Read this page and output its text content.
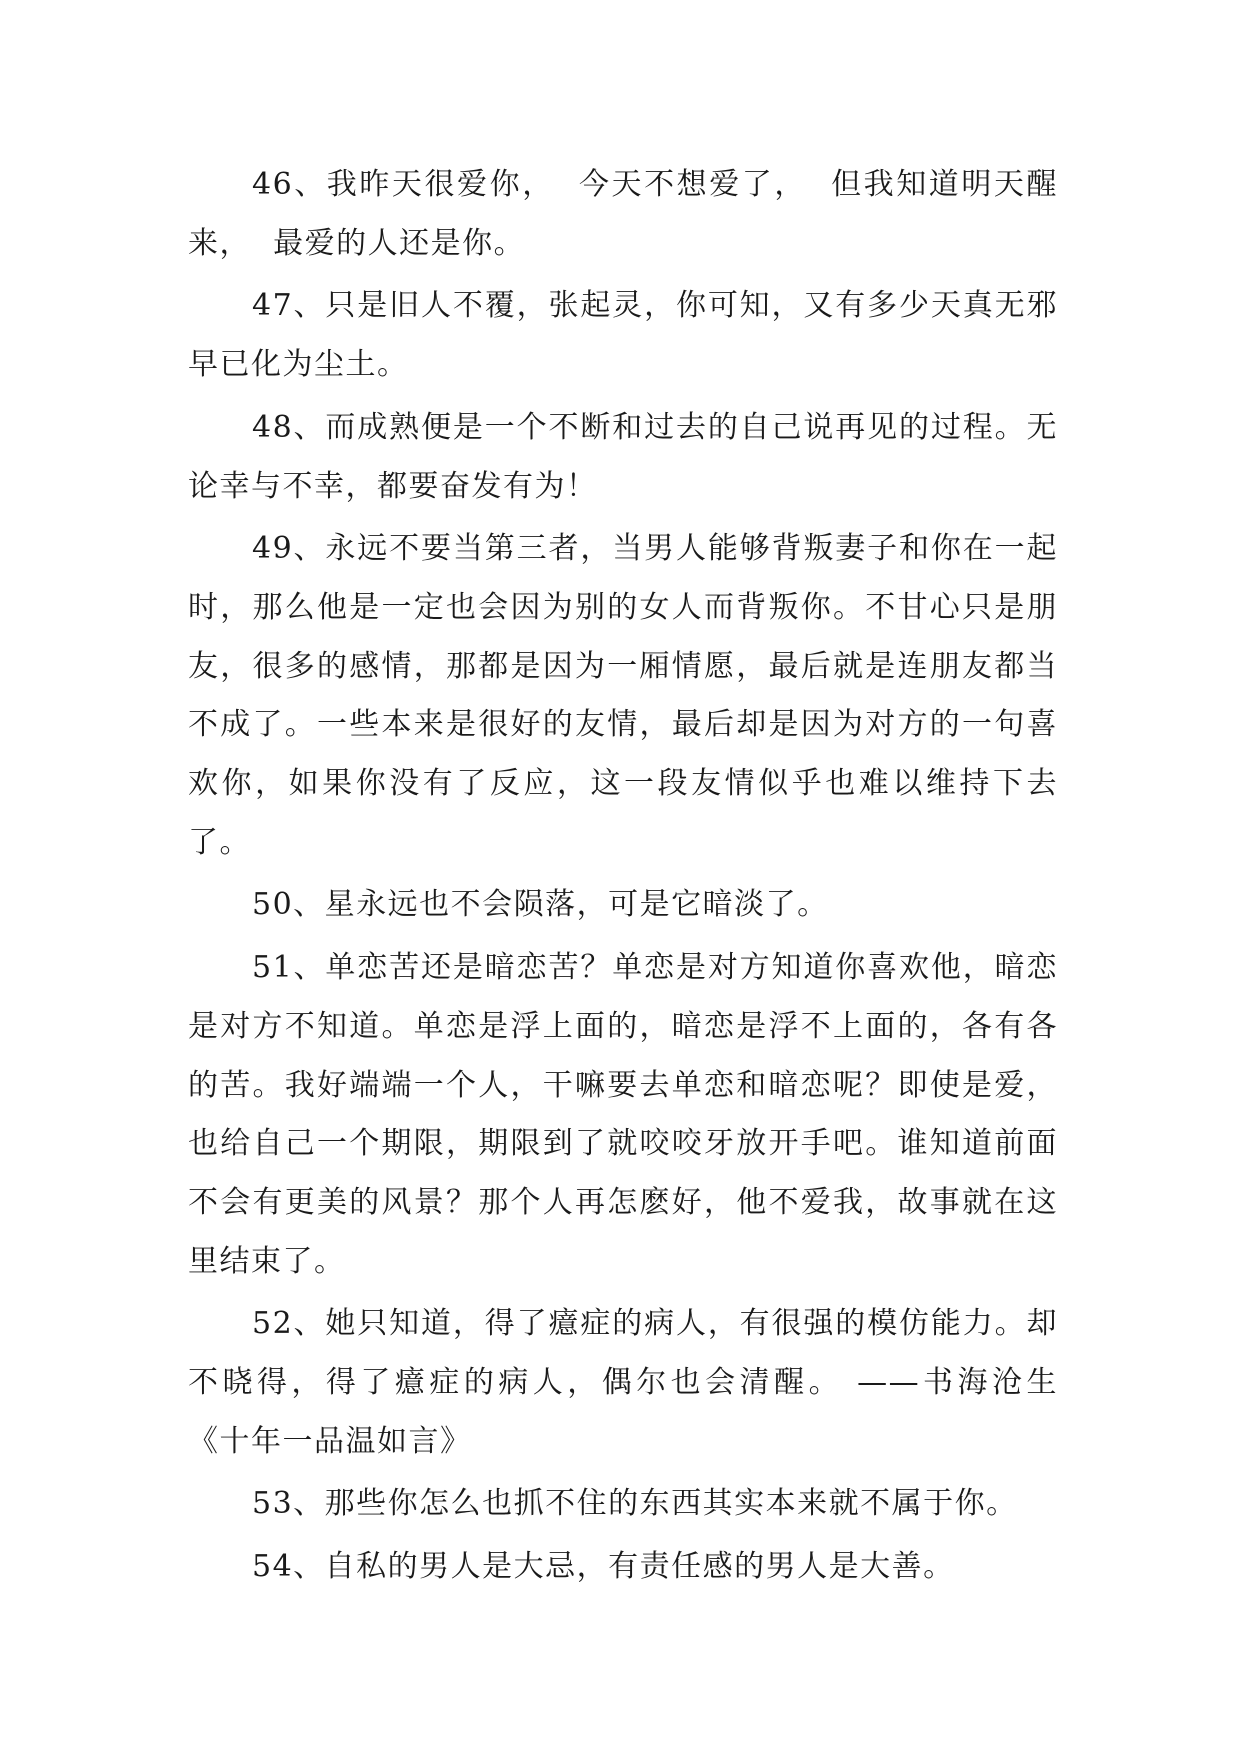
46、我昨天很爱你，  今天不想爱了，  但我知道明天醒来，  最爱的人还是你。

47、只是旧人不覆，张起灵，你可知，又有多少天真无邪早已化为尘土。

48、而成熟便是一个不断和过去的自己说再见的过程。无论幸与不幸，都要奋发有为！

49、永远不要当第三者，当男人能够背叛妻子和你在一起时，那么他是一定也会因为别的女人而背叛你。不甘心只是朋友，很多的感情，那都是因为一厢情愿，最后就是连朋友都当不成了。一些本来是很好的友情，最后却是因为对方的一句喜欢你，如果你没有了反应，这一段友情似乎也难以维持下去了。

50、星永远也不会陨落，可是它暗淡了。

51、单恋苦还是暗恋苦？单恋是对方知道你喜欢他，暗恋是对方不知道。单恋是浮上面的，暗恋是浮不上面的，各有各的苦。我好端端一个人，干嘛要去单恋和暗恋呢？即使是爱，也给自己一个期限，期限到了就咬咬牙放开手吧。谁知道前面不会有更美的风景？那个人再怎麽好，他不爱我，故事就在这里结束了。

52、她只知道，得了癔症的病人，有很强的模仿能力。却不晓得，得了癔症的病人，偶尔也会清醒。 ——书海沧生 《十年一品温如言》

53、那些你怎么也抓不住的东西其实本来就不属于你。

54、自私的男人是大忌，有责任感的男人是大善。
